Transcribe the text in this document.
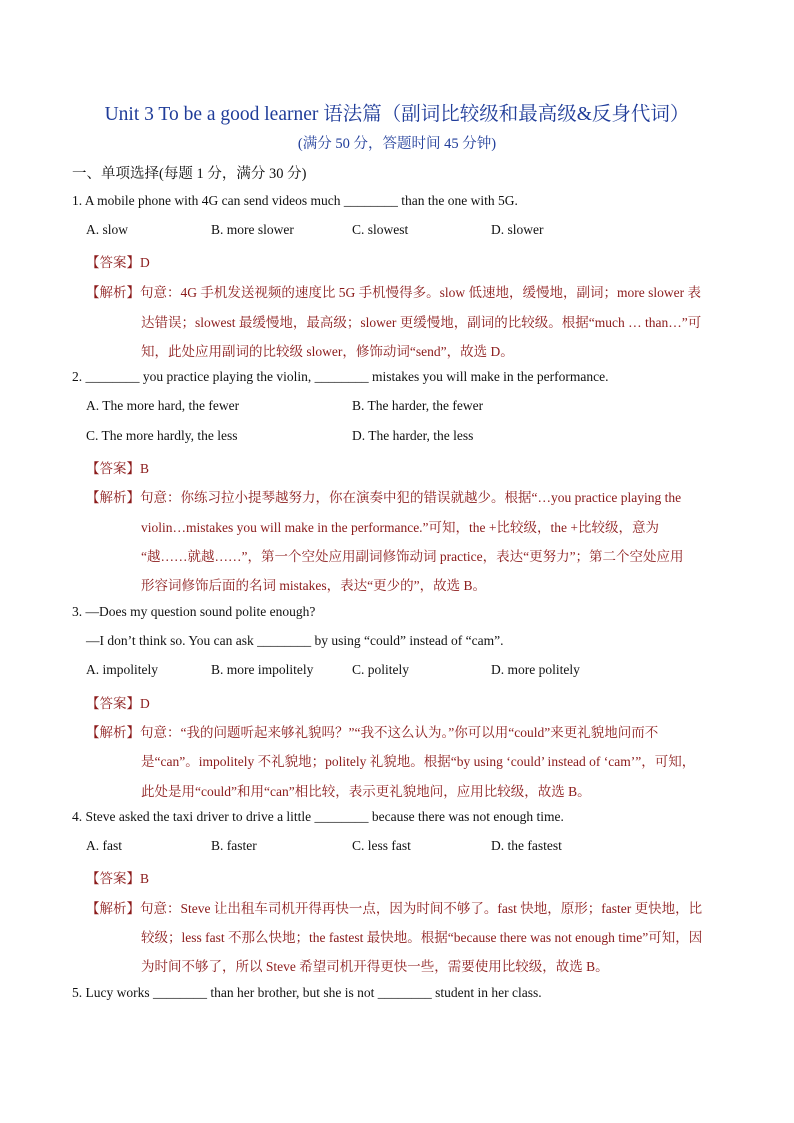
Unit 3 To be a good learner 语法篇（副词比较级和最高级&反身代词）
(满分 50 分，答题时间 45 分钟)
一、单项选择(每题 1 分，满分 30 分)
1. A mobile phone with 4G can send videos much ________ than the one with 5G.
A. slow	B. more slower	C. slowest	D. slower
【答案】D
【解析】句意：4G 手机发送视频的速度比 5G 手机慢得多。slow 低速地，缓慢地，副词；more slower 表
达错误；slowest 最缓慢地，最高级；slower 更缓慢地，副词的比较级。根据“much … than…”可
知，此处应用副词的比较级 slower，修饰动词“send”，故选 D。
2. ________ you practice playing the violin, ________ mistakes you will make in the performance.
A. The more hard, the fewer	B. The harder, the fewer
C. The more hardly, the less	D. The harder, the less
【答案】B
【解析】句意：你练习拉小提琴越努力，你在演奏中犯的错误就越少。根据“…you practice playing the
violin…mistakes you will make in the performance.”可知，the +比较级，the +比较级，意为
“越……就越……”，第一个空处应用副词修饰动词 practice，表达“更努力”；第二个空处应用
形容词修饰后面的名词 mistakes，表达“更少的”，故选 B。
3. —Does my question sound polite enough?
—I don’t think so. You can ask ________ by using “could” instead of “cam”.
A. impolitely	B. more impolitely	C. politely	D. more politely
【答案】D
【解析】句意：“我的问题听起来够礼貌吗？”“我不这么认为。”你可以用“could”来更礼貌地问而不
是“can”。impolitely 不礼貌地；politely 礼貌地。根据“by using ‘could’ instead of ‘cam’”，可知，
此处是用“could”和用“can”相比较，表示更礼貌地问，应用比较级，故选 B。
4. Steve asked the taxi driver to drive a little ________ because there was not enough time.
A. fast	B. faster	C. less fast	D. the fastest
【答案】B
【解析】句意：Steve 让出租车司机开得再快一点，因为时间不够了。fast 快地，原形；faster 更快地，比
较级；less fast 不那么快地；the fastest 最快地。根据“because there was not enough time”可知，因
为时间不够了，所以 Steve 希望司机开得更快一些，需要使用比较级，故选 B。
5. Lucy works ________ than her brother, but she is not ________ student in her class.
